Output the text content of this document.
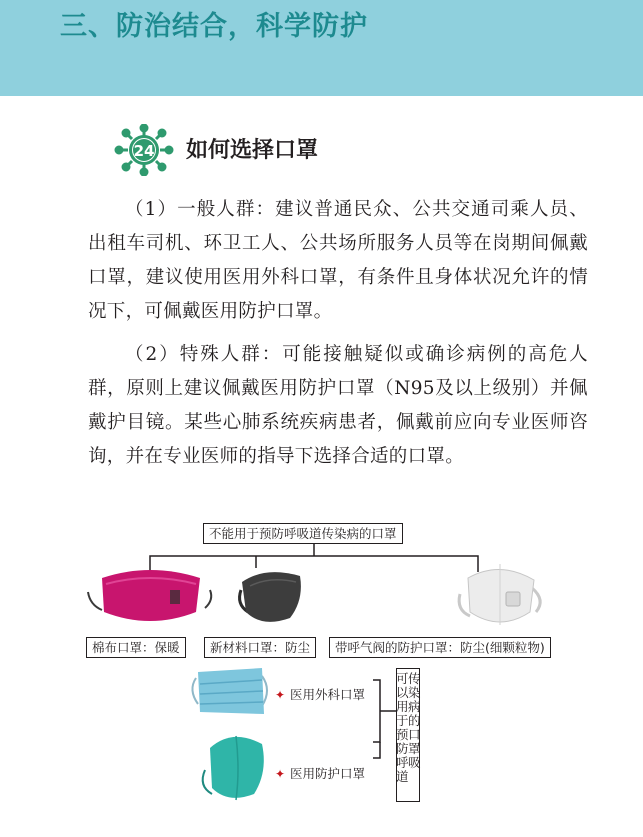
三、防治结合，科学防护
24 如何选择口罩
（1）一般人群：建议普通民众、公共交通司乘人员、出租车司机、环卫工人、公共场所服务人员等在岗期间佩戴口罩，建议使用医用外科口罩，有条件且身体状况允许的情况下，可佩戴医用防护口罩。
（2）特殊人群：可能接触疑似或确诊病例的高危人群，原则上建议佩戴医用防护口罩（N95及以上级别）并佩戴护目镜。某些心肺系统疾病患者，佩戴前应向专业医师咨询，并在专业医师的指导下选择合适的口罩。
不能用于预防呼吸道传染病的口罩
棉布口罩：保暖	新材料口罩：防尘	带呼气阀的防护口罩：防尘(细颗粒物)
✦ 医用外科口罩
✦ 医用防护口罩
可
以
用
于
预
防
呼
道
传
染
病
的
口
罩
吸
